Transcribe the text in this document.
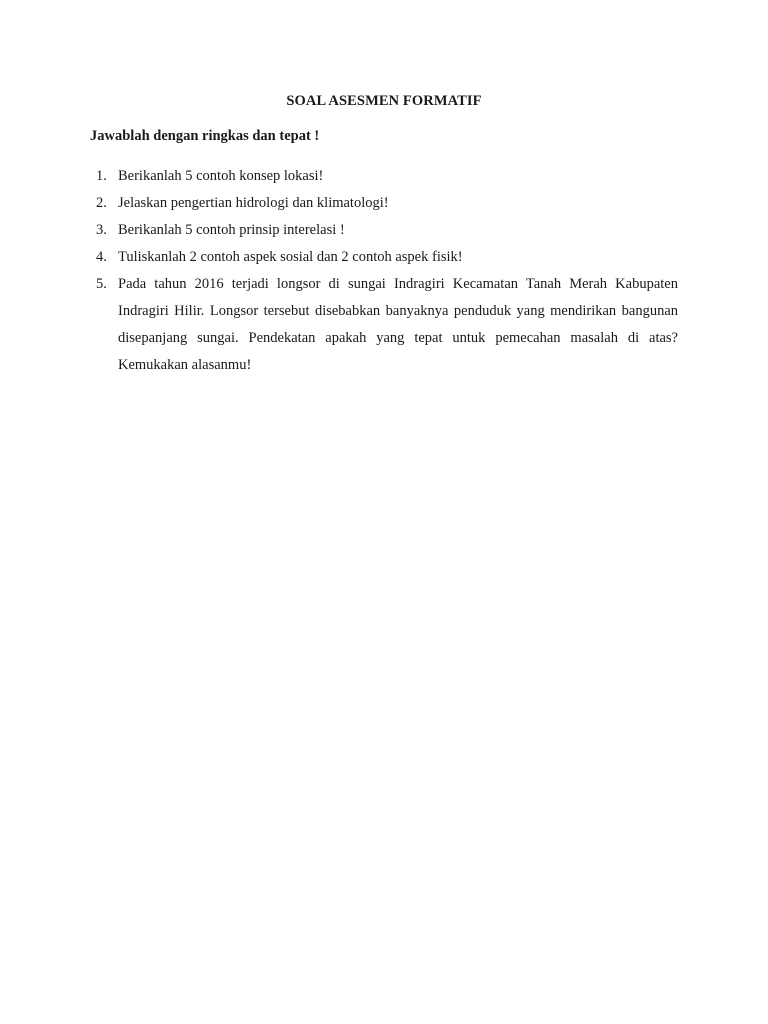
SOAL ASESMEN FORMATIF
Jawablah dengan ringkas dan tepat !
1. Berikanlah 5 contoh konsep lokasi!
2. Jelaskan pengertian hidrologi dan klimatologi!
3. Berikanlah 5 contoh prinsip interelasi !
4. Tuliskanlah 2 contoh aspek sosial dan 2 contoh aspek fisik!
5. Pada tahun 2016 terjadi longsor di sungai Indragiri Kecamatan Tanah Merah Kabupaten Indragiri Hilir. Longsor tersebut disebabkan banyaknya penduduk yang mendirikan bangunan disepanjang sungai. Pendekatan apakah yang tepat untuk pemecahan masalah di atas? Kemukakan alasanmu!
